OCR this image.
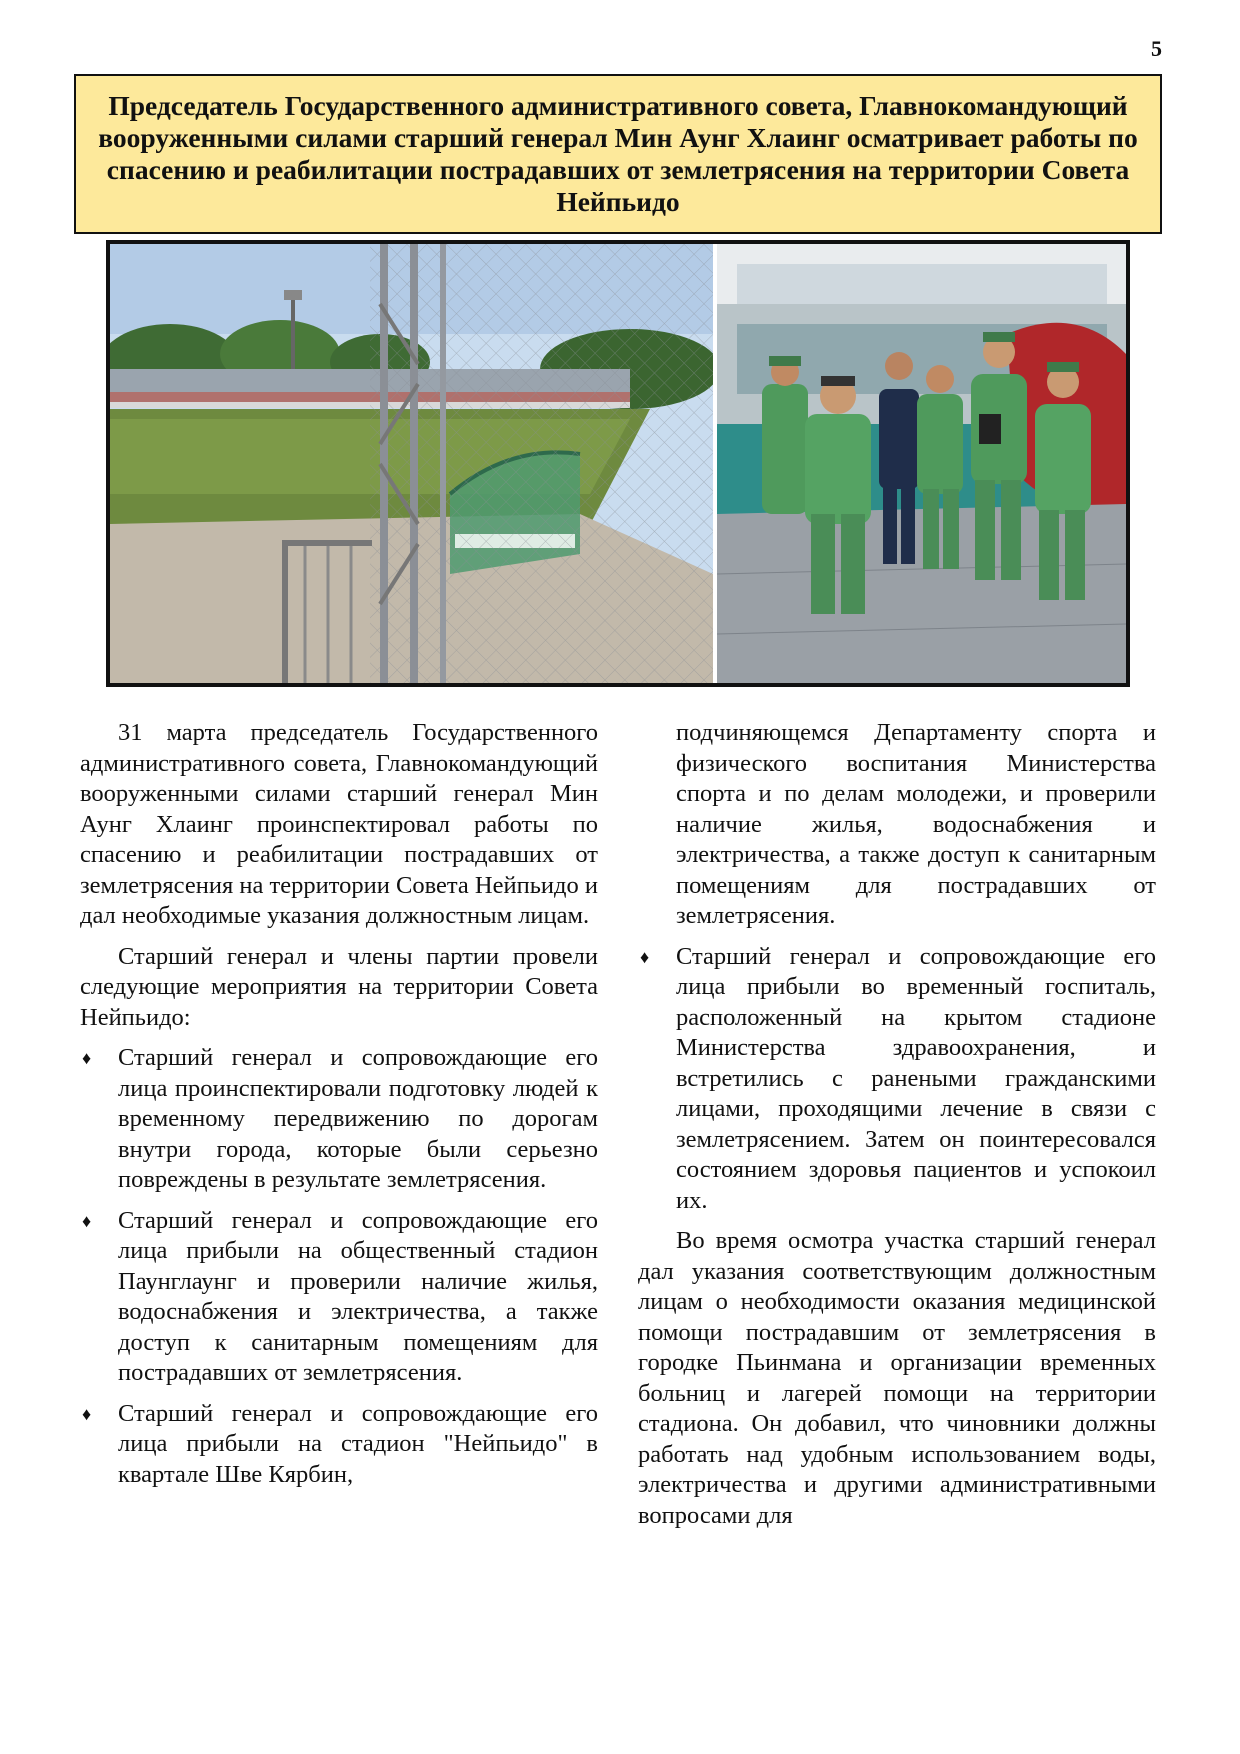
5
Председатель Государственного административного совета, Главнокомандующий вооруженными силами старший генерал Мин Аунг Хлаинг осматривает работы по спасению и реабилитации пострадавших от землетрясения на территории Совета Нейпьидо

31 марта председатель Государственного административного совета, Главнокомандующий вооруженными силами старший генерал Мин Аунг Хлаинг проинспектировал работы по спасению и реабилитации пострадавших от землетрясения на территории Совета Нейпьидо и дал необходимые указания должностным лицам.

Старший генерал и члены партии провели следующие мероприятия на территории Совета Нейпьидо:

♦ Старший генерал и сопровождающие его лица проинспектировали подготовку людей к временному передвижению по дорогам внутри города, которые были серьезно повреждены в результате землетрясения.
♦ Старший генерал и сопровождающие его лица прибыли на общественный стадион Паунглаунг и проверили наличие жилья, водоснабжения и электричества, а также доступ к санитарным помещениям для пострадавших от землетрясения.
♦ Старший генерал и сопровождающие его лица прибыли на стадион "Нейпьидо" в квартале Шве Кярбин,
подчиняющемся Департаменту спорта и физического воспитания Министерства спорта и по делам молодежи, и проверили наличие жилья, водоснабжения и электричества, а также доступ к санитарным помещениям для пострадавших от землетрясения.
♦ Старший генерал и сопровождающие его лица прибыли во временный госпиталь, расположенный на крытом стадионе Министерства здравоохранения, и встретились с ранеными гражданскими лицами, проходящими лечение в связи с землетрясением. Затем он поинтересовался состоянием здоровья пациентов и успокоил их.

Во время осмотра участка старший генерал дал указания соответствующим должностным лицам о необходимости оказания медицинской помощи пострадавшим от землетрясения в городке Пьинмана и организации временных больниц и лагерей помощи на территории стадиона. Он добавил, что чиновники должны работать над удобным использованием воды, электричества и другими административными вопросами для
